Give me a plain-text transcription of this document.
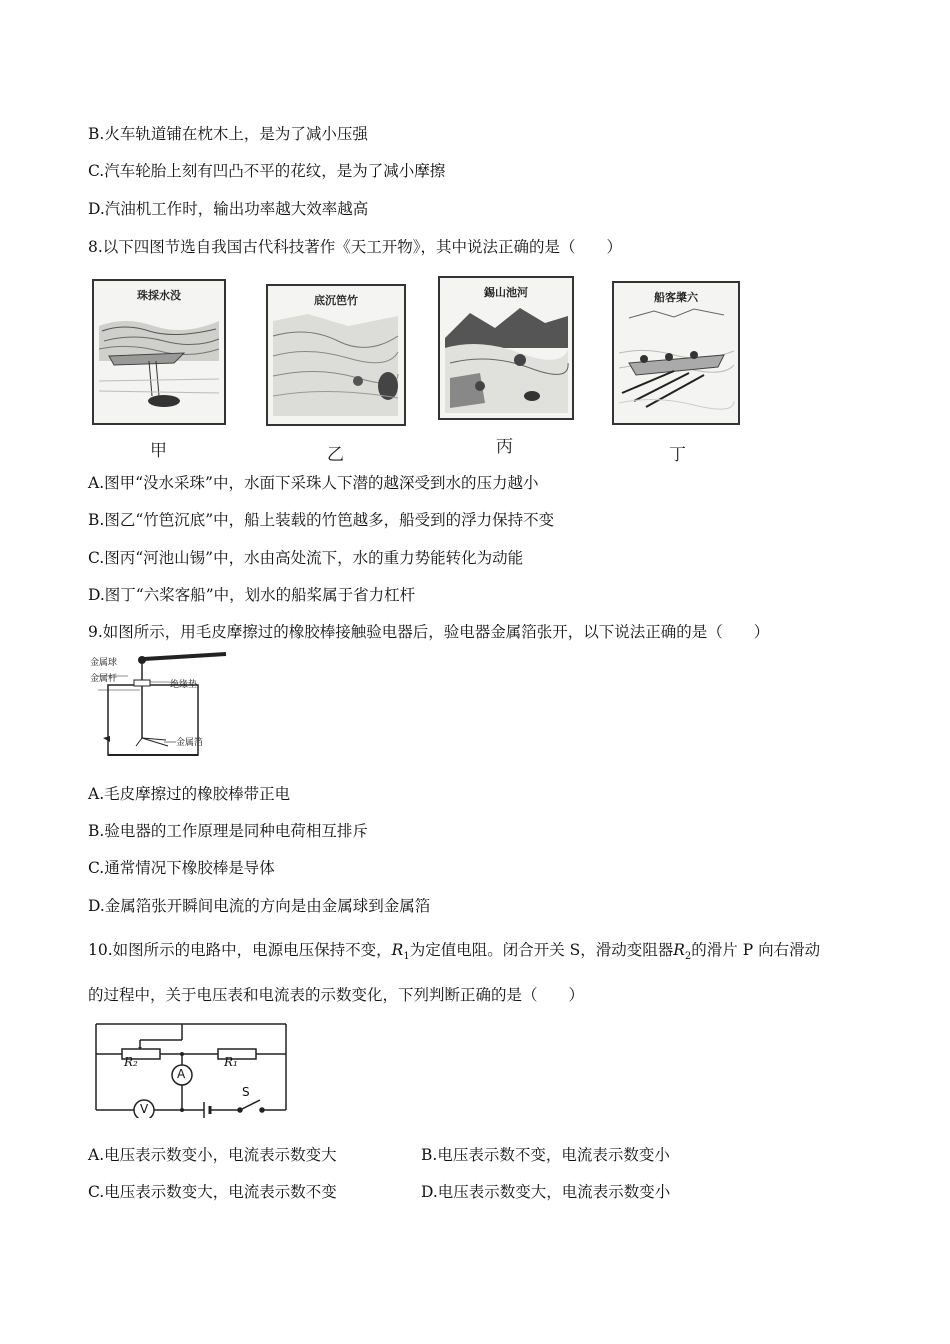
B.火车轨道铺在枕木上，是为了减小压强
C.汽车轮胎上刻有凹凸不平的花纹，是为了减小摩擦
D.汽油机工作时，输出功率越大效率越高
8.以下四图节选自我国古代科技著作《天工开物》，其中说法正确的是（　　）
珠採水没
甲
底沉笆竹
乙
錫山池河
丙
船客槳六
丁
A.图甲“没水采珠”中，水面下采珠人下潜的越深受到水的压力越小
B.图乙“竹笆沉底”中，船上装载的竹笆越多，船受到的浮力保持不变
C.图丙“河池山锡”中，水由高处流下，水的重力势能转化为动能
D.图丁“六桨客船”中，划水的船桨属于省力杠杆
9.如图所示，用毛皮摩擦过的橡胶棒接触验电器后，验电器金属箔张开，以下说法正确的是（　　）
金属球
金属杆
绝缘垫
金属箔
A.毛皮摩擦过的橡胶棒带正电
B.验电器的工作原理是同种电荷相互排斥
C.通常情况下橡胶棒是导体
D.金属箔张开瞬间电流的方向是由金属球到金属箔
10.如图所示的电路中，电源电压保持不变，$R_1$为定值电阻。闭合开关 S，滑动变阻器$R_2$的滑片 P 向右滑动
的过程中，关于电压表和电流表的示数变化，下列判断正确的是（　　）
R₂	R₁
A
V
S
A.电压表示数变小，电流表示数变大	B.电压表示数不变，电流表示数变小
C.电压表示数变大，电流表示数不变	D.电压表示数变大，电流表示数变小
